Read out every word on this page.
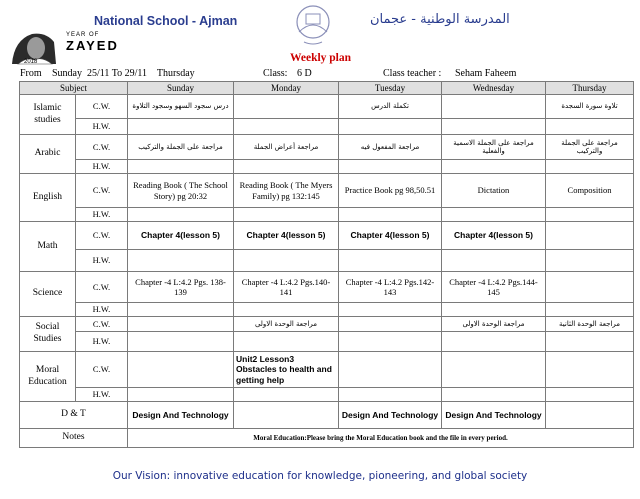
National School - Ajman	المدرسة الوطنية - عجمان
YEAR OF
ZAYED
2018	Weekly plan
From Sunday  25/11 To 29/11    Thursday	Class: 6 D	Class teacher : Seham Faheem
Subject		Sunday	Monday	Tuesday	Wednesday	Thursday
Islamic studies	C.W.	درس سجود السهو وسجود التلاوة		تكملة الدرس		تلاوة سورة السجدة
	H.W.					
Arabic	C.W.	مراجعة على الجملة والتركيب	مراجعة أعراض الجملة	مراجعة المفعول فيه	مراجعة على الجملة الاسمية والفعلية	مراجعة على الجملة والتركيب
	H.W.					
English	C.W.	Reading Book ( The School Story) pg 20:32	Reading Book ( The Myers Family) pg 132:145	Practice Book pg 98,50.51	Dictation	Composition
	H.W.					
Math	C.W.	Chapter 4(lesson 5)	Chapter 4(lesson 5)	Chapter 4(lesson 5)	Chapter 4(lesson 5)	
	H.W.					
Science	C.W.	Chapter -4 L:4.2 Pgs. 138-139	Chapter -4 L:4.2 Pgs.140-141	Chapter -4 L:4.2 Pgs.142-143	Chapter -4 L:4.2 Pgs.144-145	
	H.W.					
Social Studies	C.W.		مراجعة الوحدة الاولى		مراجعة الوحدة الاولى	مراجعة الوحدة الثانية
	H.W.					
Moral Education	C.W.		Unit2 Lesson3 Obstacles to health and getting help			
	H.W.					
D & T		Design And Technology		Design And Technology	Design And Technology	
Notes		Moral Education:Please bring the Moral Education book and the file in every period.				
Our Vision: innovative education for knowledge, pioneering, and global society
